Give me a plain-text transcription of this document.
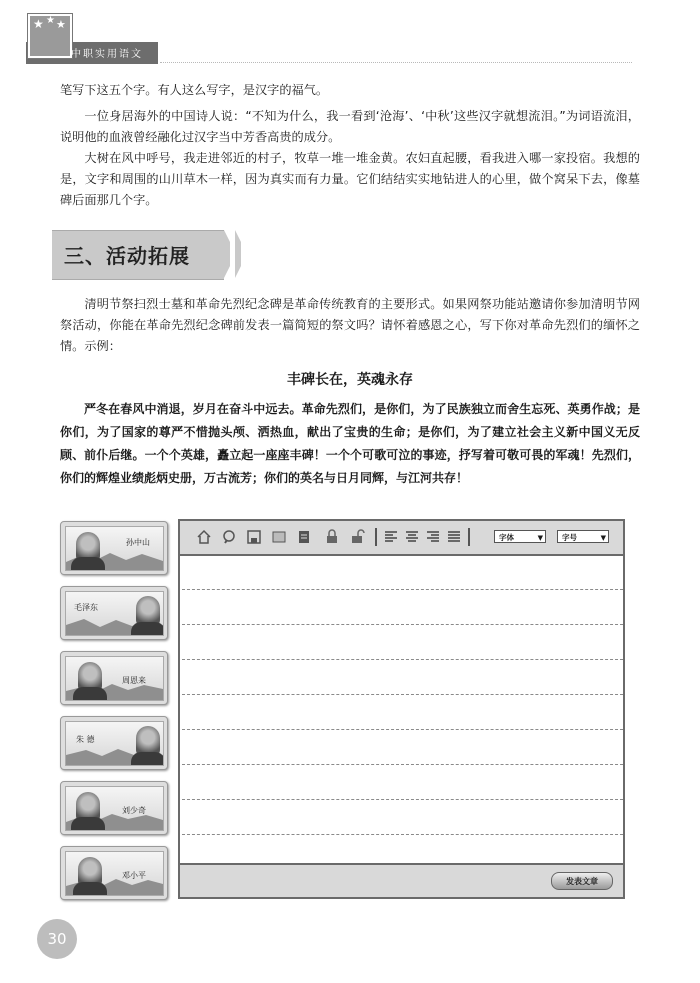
★ ★ ★
中职实用语文

笔写下这五个字。有人这么写字，是汉字的福气。

一位身居海外的中国诗人说：“不知为什么，我一看到‘沧海’、‘中秋’这些汉字就想流泪。”为词语流泪，说明他的血液曾经融化过汉字当中芳香高贵的成分。

大树在风中呼号，我走进邻近的村子，牧草一堆一堆金黄。农妇直起腰，看我进入哪一家投宿。我想的是，文字和周围的山川草木一样，因为真实而有力量。它们结结实实地钻进人的心里，做个窝呆下去，像墓碑后面那几个字。

三、活动拓展

清明节祭扫烈士墓和革命先烈纪念碑是革命传统教育的主要形式。如果网祭功能站邀请你参加清明节网祭活动，你能在革命先烈纪念碑前发表一篇简短的祭文吗？请怀着感恩之心，写下你对革命先烈们的缅怀之情。示例：

丰碑长在，英魂永存

严冬在春风中消退，岁月在奋斗中远去。革命先烈们，是你们，为了民族独立而舍生忘死、英勇作战；是你们，为了国家的尊严不惜抛头颅、洒热血，献出了宝贵的生命；是你们，为了建立社会主义新中国义无反顾、前仆后继。一个个英雄，矗立起一座座丰碑！一个个可歌可泣的事迹，抒写着可敬可畏的军魂！先烈们，你们的辉煌业绩彪炳史册，万古流芳；你们的英名与日月同辉，与江河共存！

孙中山
毛泽东
周恩来
朱 德
刘少奇
邓小平
字体	▼	字号	▼
发表文章
30
